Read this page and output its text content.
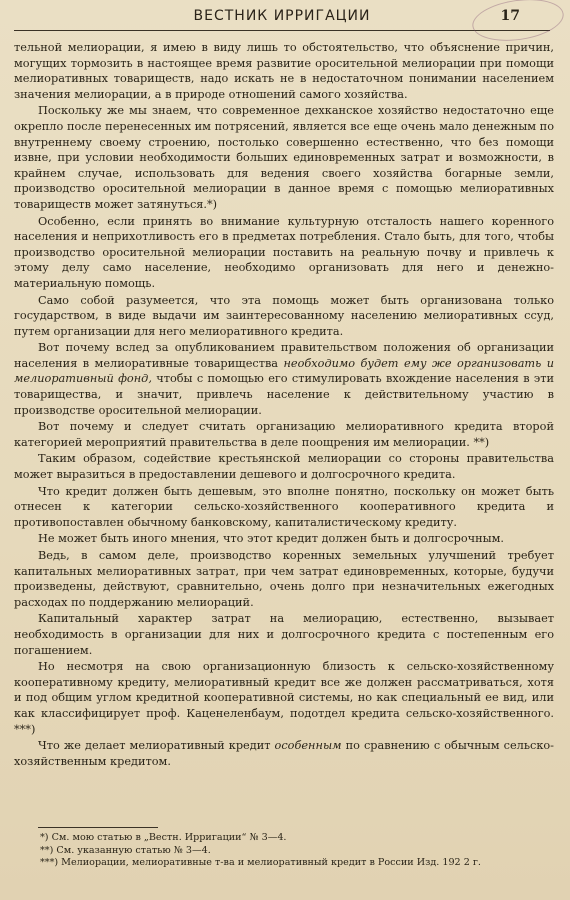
ВЕСТНИК ИРРИГАЦИИ	17

тельной мелиорации, я имею в виду лишь то обстоятельство, что объяснение причин, могущих тормозить в настоящее время развитие оросительной мелиорации при помощи мелиоративных товариществ, надо искать не в недостаточном понимании населением значения мелиорации, а в природе отношений самого хозяйства.

Поскольку же мы знаем, что современное дехканское хозяйство недостаточно еще окрепло после перенесенных им потрясений, является все еще очень мало денежным по внутреннему своему строению, постолько совершенно естественно, что без помощи извне, при условии необходимости больших единовременных затрат и возможности, в крайнем случае, использовать для ведения своего хозяйства богарные земли, производство оросительной мелиорации в данное время с помощью мелиоративных товариществ может затянуться.*)

Особенно, если принять во внимание культурную отсталость нашего коренного населения и неприхотливость его в предметах потребления. Стало быть, для того, чтобы производство оросительной мелиорации поставить на реальную почву и привлечь к этому делу само население, необходимо организовать для него и денежно-материальную помощь.

Само собой разумеется, что эта помощь может быть организована только государством, в виде выдачи им заинтересованному населению мелиоративных ссуд, путем организации для него мелиоративного кредита.

Вот почему вслед за опубликованием правительством положения об организации населения в мелиоративные товарищества необходимо будет ему же организовать и мелиоративный фонд, чтобы с помощью его стимулировать вхождение населения в эти товарищества, и значит, привлечь население к действительному участию в производстве оросительной мелиорации.

Вот почему и следует считать организацию мелиоративного кредита второй категорией мероприятий правительства в деле поощрения им мелиорации. **)

Таким образом, содействие крестьянской мелиорации со стороны правительства может выразиться в предоставлении дешевого и долгосрочного кредита.

Что кредит должен быть дешевым, это вполне понятно, поскольку он может быть отнесен к категории сельско-хозяйственного кооперативного кредита и противопоставлен обычному банковскому, капиталистическому кредиту.

Не может быть иного мнения, что этот кредит должен быть и долгосрочным.

Ведь, в самом деле, производство коренных земельных улучшений требует капитальных мелиоративных затрат, при чем затрат единовременных, которые, будучи произведены, действуют, сравнительно, очень долго при незначительных ежегодных расходах по поддержанию мелиораций.

Капитальный характер затрат на мелиорацию, естественно, вызывает необходимость в организации для них и долгосрочного кредита с постепенным его погашением.

Но несмотря на свою организационную близость к сельско-хозяйственному кооперативному кредиту, мелиоративный кредит все же должен рассматриваться, хотя и под общим углом кредитной кооперативной системы, но как специальный ее вид, или как классифицирует проф. Каценеленбаум, подотдел кредита сельско-хозяйственного. ***)

Что же делает мелиоративный кредит особенным по сравнению с обычным сельско-хозяйственным кредитом.

*) См. мою статью в „Вестн. Ирригации“ № 3—4.
**) См. указанную статью № 3—4.
***) Мелиорации, мелиоративные т-ва и мелиоративный кредит в России Изд. 192 2 г.
